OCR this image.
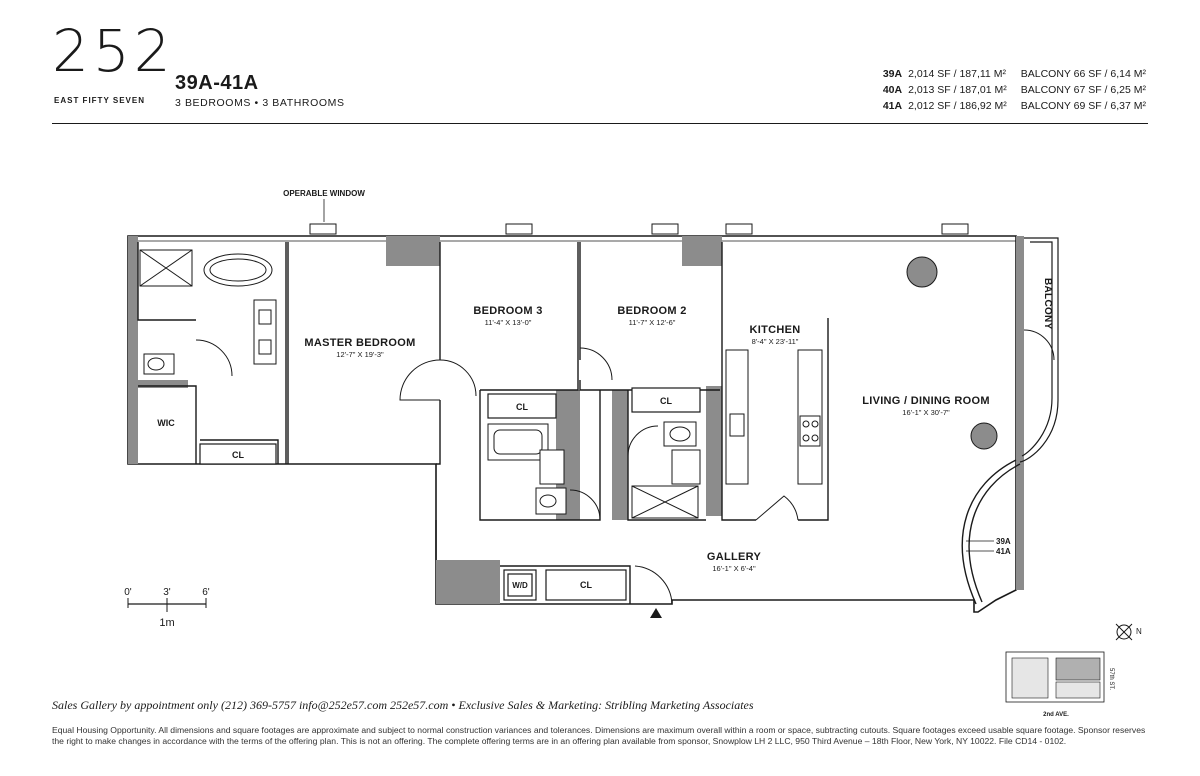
252
EAST FIFTY SEVEN
39A-41A
3 BEDROOMS • 3 BATHROOMS
39A	2,014 SF / 187,11 M²	BALCONY 66 SF / 6,14 M²
40A	2,013 SF / 187,01 M²	BALCONY 67 SF / 6,25 M²
41A	2,012 SF / 186,92 M²	BALCONY 69 SF / 6,37 M²
OPERABLE WINDOW
MASTER BEDROOM
12'-7" X 19'-3"
BEDROOM 3
11'-4" X 13'-0"
BEDROOM 2
11'-7" X 12'-6"
KITCHEN
8'-4" X 23'-11"
LIVING / DINING ROOM
16'-1" X 30'-7"
GALLERY
16'-1" X 6'-4"
BALCONY
WIC
CL
CL
CL
CL
W/D
39A
41A
0'	3'	6'
1m
N
57th ST.
2nd AVE.
Sales Gallery by appointment only (212) 369-5757 info@252e57.com 252e57.com • Exclusive Sales & Marketing: Stribling Marketing Associates
Equal Housing Opportunity. All dimensions and square footages are approximate and subject to normal construction variances and tolerances. Dimensions are maximum overall within a room or space, subtracting cutouts. Square footages exceed usable square footage. Sponsor reserves the right to make changes in accordance with the terms of the offering plan. This is not an offering. The complete offering terms are in an offering plan available from sponsor, Snowplow LH 2 LLC, 950 Third Avenue – 18th Floor, New York, NY 10022. File CD14 - 0102.
